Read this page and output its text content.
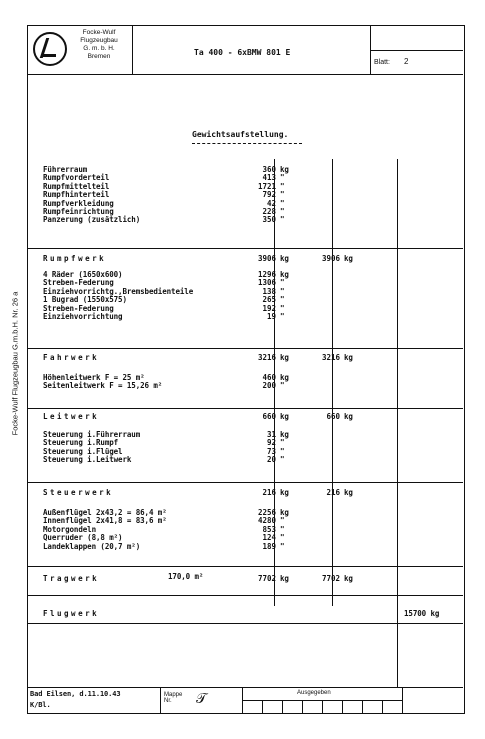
Focke-Wulf Flugzeugbau G.m.b.H. Nr. 26 a
Focke-Wulf
Flugzeugbau
G. m. b. H.
Bremen	Ta 400 - 6xBMW 801 E
Blatt: 2
Gewichtsaufstellung.
Bad Eilsen, d.11.10.43
K/Bl.
Mappe Nr.	𝒯	Ausgegeben
Führerraum	360 kg
Rumpfvorderteil	413 "
Rumpfmittelteil	1721 "
Rumpfhinterteil	792 "
Rumpfverkleidung	42 "
Rumpfeinrichtung	228 "
Panzerung (zusätzlich)	350 "
4 Räder (1650x600)	1296 kg
Streben-Federung	1306 "
Einziehvorrichtg.,Bremsbedienteile	138 "
1 Bugrad (1550x575)	265 "
Streben-Federung	192 "
Einziehvorrichtung	19 "
Höhenleitwerk F = 25 m²	460 kg
Seitenleitwerk F = 15,26 m²	200 "
Steuerung i.Führerraum	31 kg
Steuerung i.Rumpf	92 "
Steuerung i.Flügel	73 "
Steuerung i.Leitwerk	20 "
Außenflügel 2x43,2 = 86,4 m²	2256 kg
Innenflügel 2x41,8 = 83,6 m²	4280 "
Motorgondeln	853 "
Querruder (8,8 m²)	124 "
Landeklappen (20,7 m²)	189 "
Rumpfwerk	3906 kg	3906 kg
Fahrwerk	3216 kg	3216 kg
Leitwerk	660 kg	660 kg
Steuerwerk	216 kg	216 kg
Tragwerk	170,0 m²	7702 kg	7702 kg
Flugwerk	15700 kg
